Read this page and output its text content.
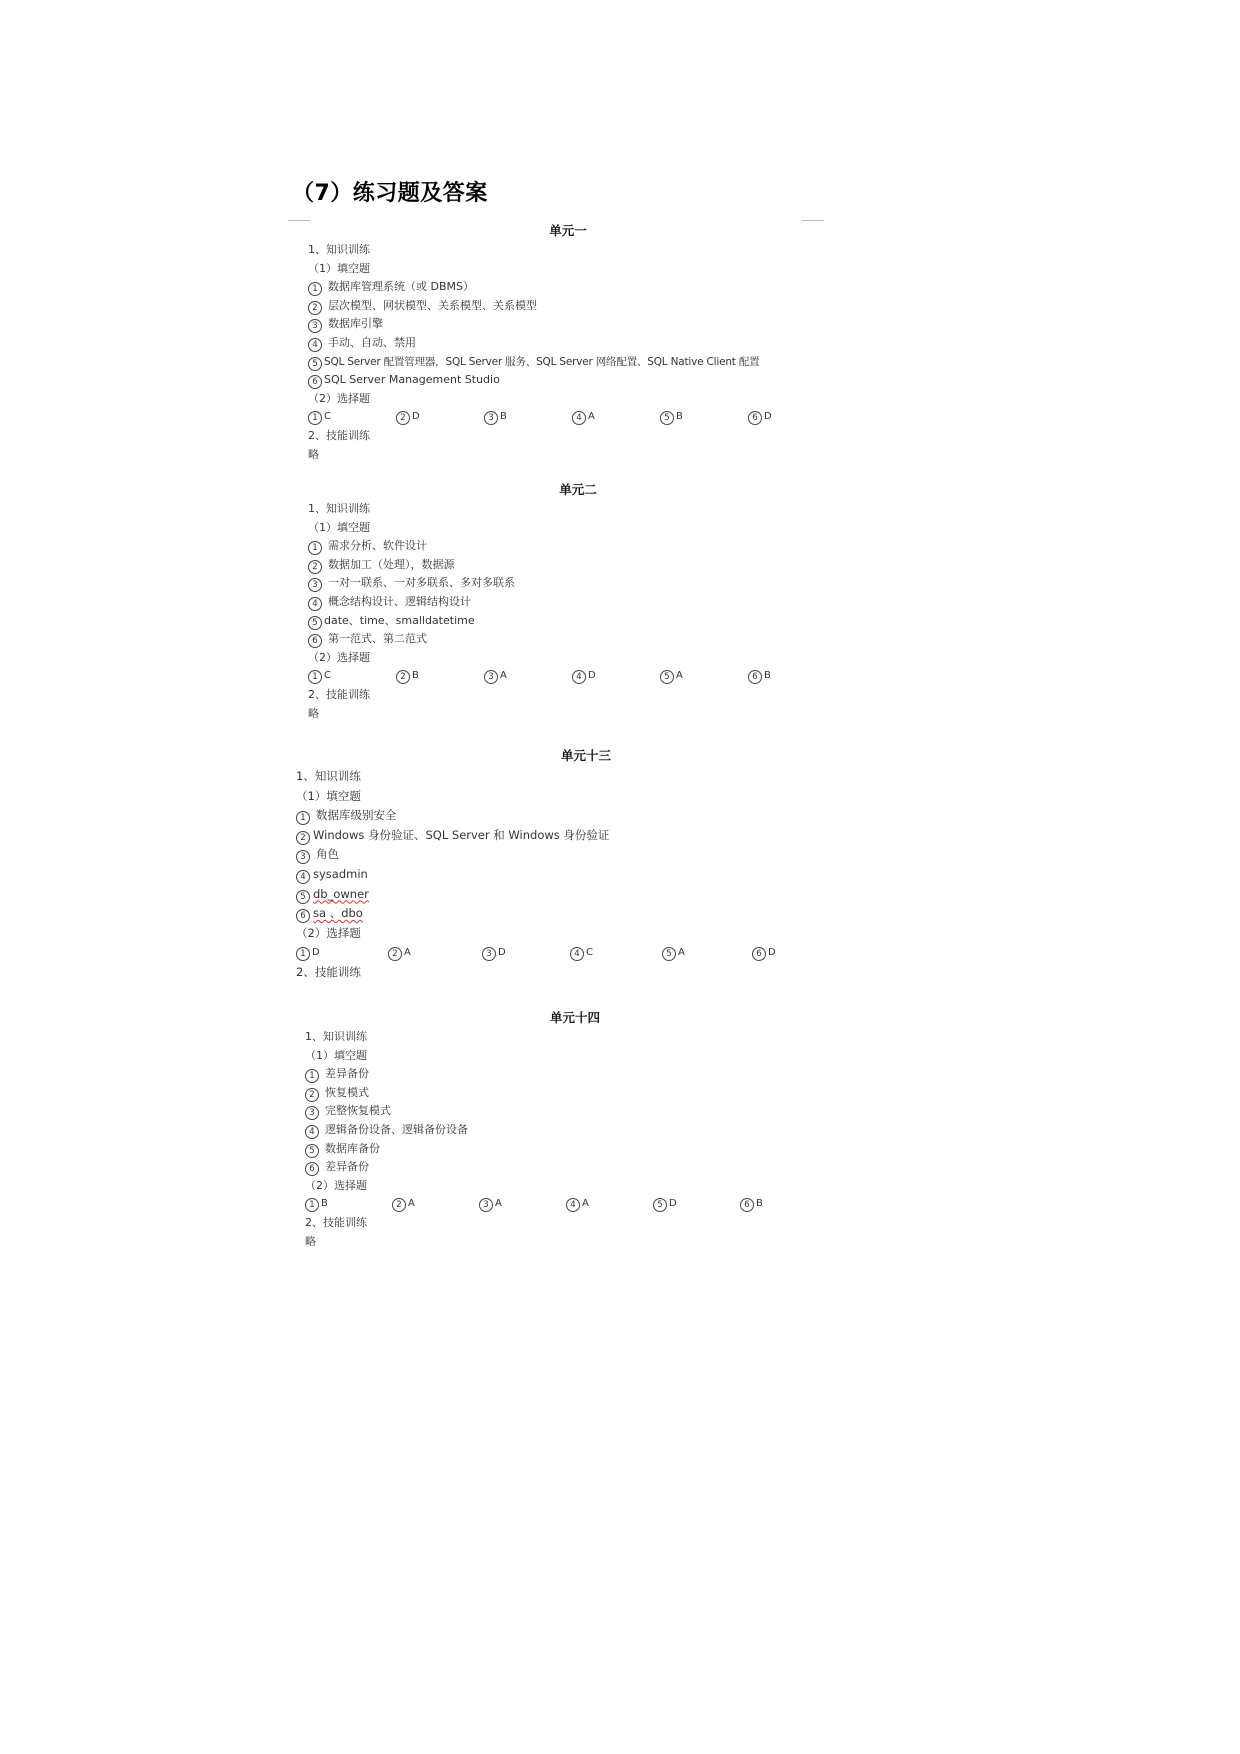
（7）练习题及答案
单元一
1、知识训练
（1）填空题
1 数据库管理系统（或 DBMS）
2 层次模型、网状模型、关系模型、关系模型
3 数据库引擎
4 手动、自动、禁用
5 SQL Server 配置管理器，SQL Server 服务、SQL Server 网络配置、SQL Native Client 配置
6 SQL Server Management Studio
（2）选择题
1 C	2 D	3 B	4 A	5 B	6 D
2、技能训练
略
单元二
1、知识训练
（1）填空题
1 需求分析、软件设计
2 数据加工（处理），数据源
3 一对一联系、一对多联系、多对多联系
4 概念结构设计、逻辑结构设计
5 date、time、smalldatetime
6 第一范式、第二范式
（2）选择题
1 C	2 B	3 A	4 D	5 A	6 B
2、技能训练
略
单元十三
1、知识训练
（1）填空题
1 数据库级别安全
2 Windows 身份验证、SQL Server 和 Windows 身份验证
3 角色
4 sysadmin
5 db_owner
6 sa 、dbo
（2）选择题
1 D	2 A	3 D	4 C	5 A	6 D
2、技能训练
单元十四
1、知识训练
（1）填空题
1 差异备份
2 恢复模式
3 完整恢复模式
4 逻辑备份设备、逻辑备份设备
5 数据库备份
6 差异备份
（2）选择题
1 B	2 A	3 A	4 A	5 D	6 B
2、技能训练
略
